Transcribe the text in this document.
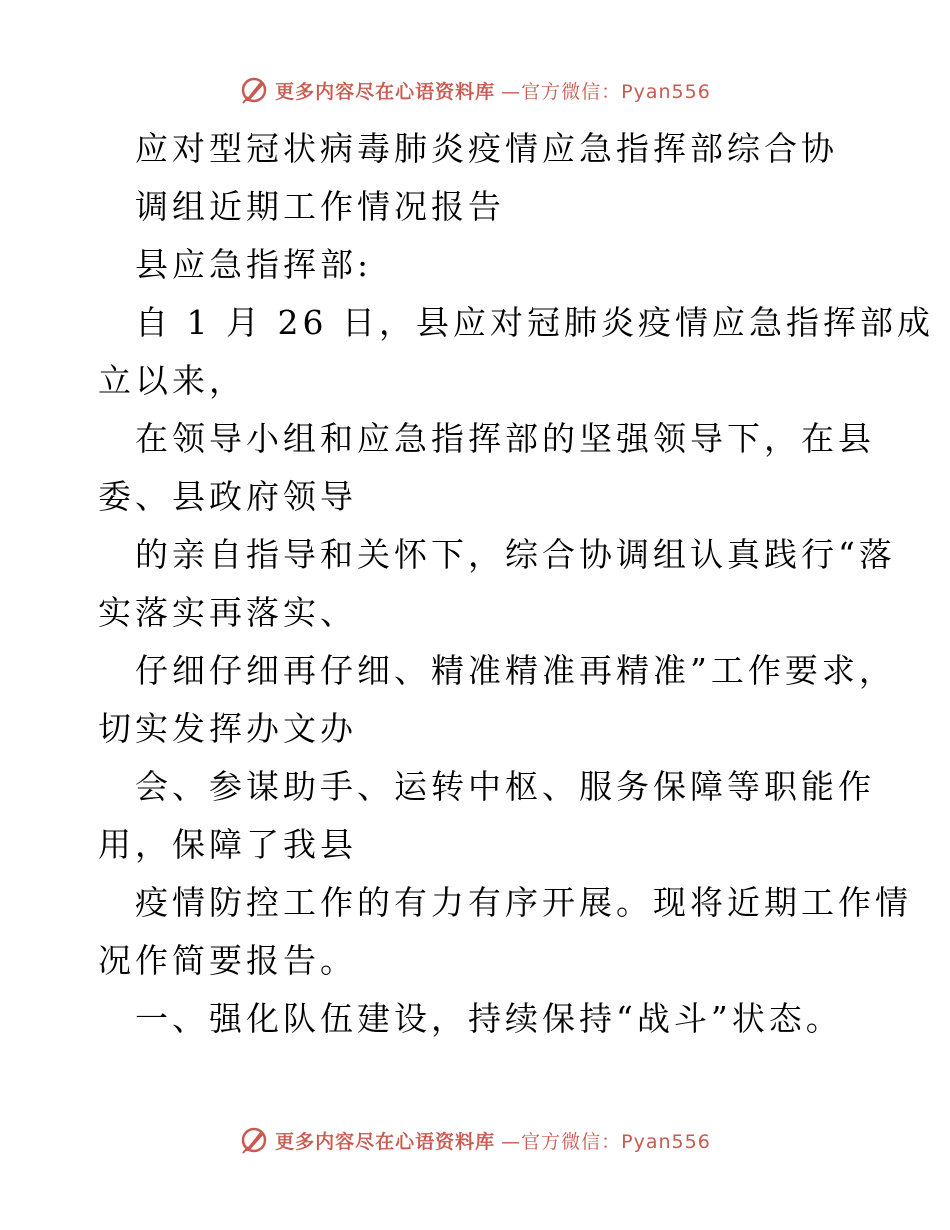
更多内容尽在心语资料库 —官方微信：Pyan556

应对型冠状病毒肺炎疫情应急指挥部综合协

调组近期工作情况报告

县应急指挥部:

自 1 月 26 日，县应对冠肺炎疫情应急指挥部成

立以来，

在领导小组和应急指挥部的坚强领导下，在县

委、县政府领导

的亲自指导和关怀下，综合协调组认真践行“落

实落实再落实、

仔细仔细再仔细、精准精准再精准”工作要求，

切实发挥办文办

会、参谋助手、运转中枢、服务保障等职能作

用，保障了我县

疫情防控工作的有力有序开展。现将近期工作情

况作简要报告。

一、强化队伍建设，持续保持“战斗”状态。

更多内容尽在心语资料库 —官方微信：Pyan556
